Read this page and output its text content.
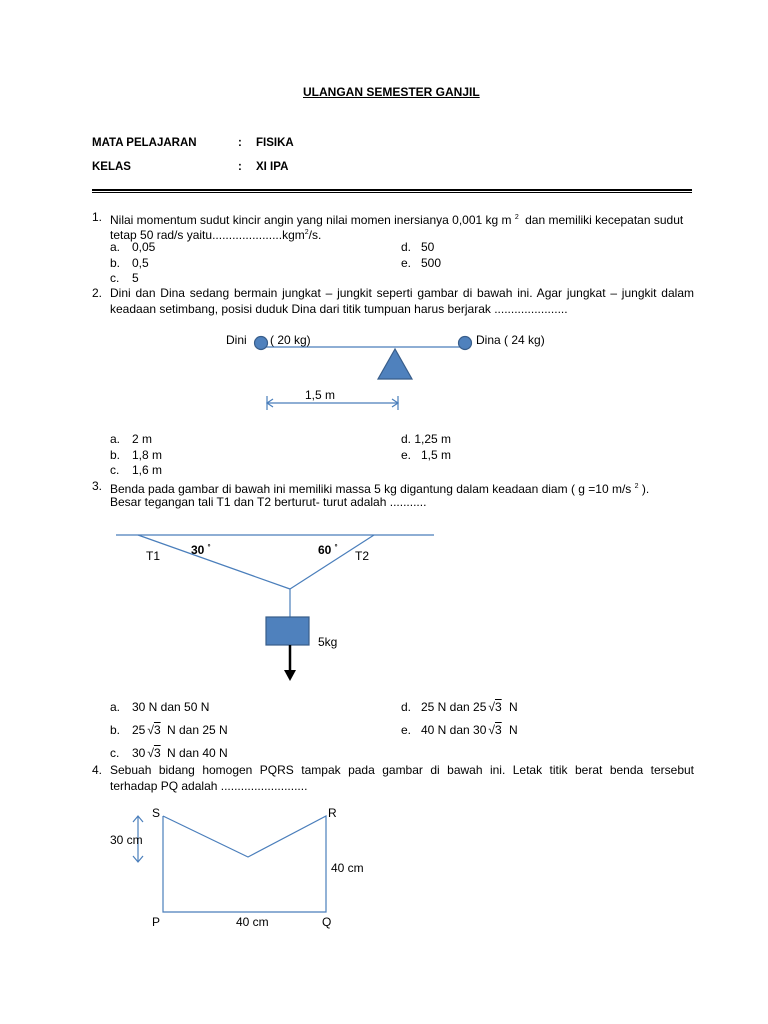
ULANGAN SEMESTER GANJIL
MATA PELAJARAN	: FISIKA
KELAS	: XI IPA
1. Nilai momentum sudut kincir angin yang nilai momen inersianya 0,001 kg m $^2$ dan memiliki kecepatan sudut
tetap 50 rad/s yaitu.....................kgm$^2$/s.
a. 0,05
b. 0,5
c. 5
d. 50
e. 500
2. Dini dan Dina sedang bermain jungkat – jungkit seperti gambar di bawah ini. Agar jungkat – jungkit dalam
keadaan setimbang, posisi duduk Dina dari titik tumpuan harus berjarak ......................
Dini ( 20 kg)	Dina ( 24 kg)
1,5 m
a. 2 m
b. 1,8 m
c. 1,6 m
d. 1,25 m
e. 1,5 m
3. Benda pada gambar di bawah ini memiliki massa 5 kg digantung dalam keadaan diam ( g =10 m/s $^2$ ).
Besar tegangan tali T1 dan T2 berturut- turut adalah ...........
30 $^º$	60 $^º$
T1	T2
5kg
a. 30 N dan 50 N
b. 25 √3 N dan 25 N
c. 30 √3 N dan 40 N
d. 25 N dan 25 √3 N
e. 40 N dan 30 √3 N
4. Sebuah bidang homogen PQRS tampak pada gambar di bawah ini. Letak titik berat benda tersebut
terhadap PQ adalah ..........................
S	R
P	Q
30 cm
40 cm
40 cm
